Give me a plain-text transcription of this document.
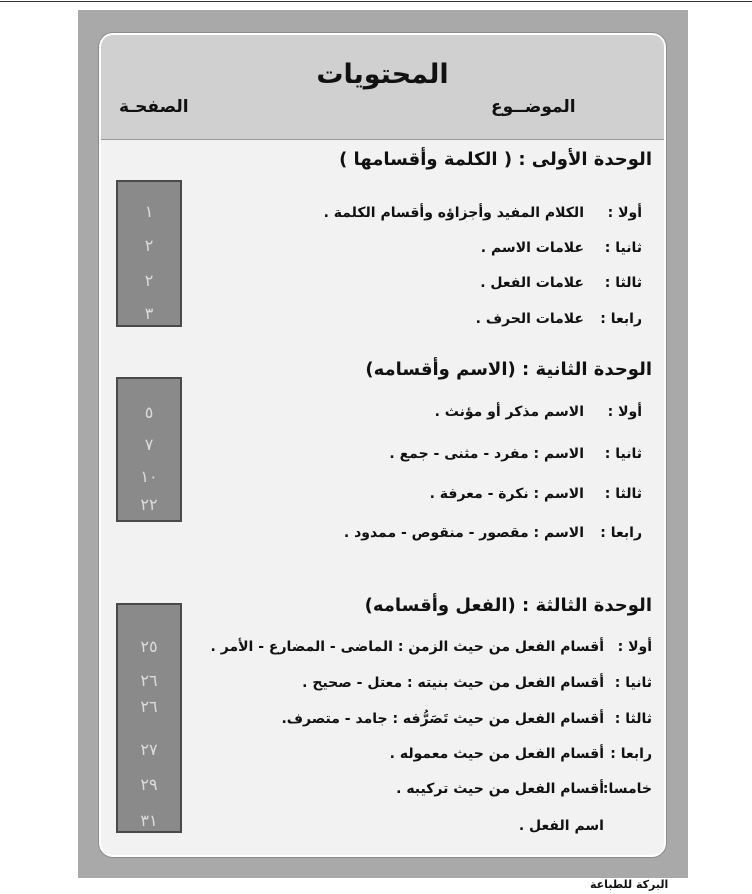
المحتويات
الموضــوع
الصفحـة
الوحدة الأولى : ( الكلمة وأقسامها )
أولا :
الكلام المفيد وأجزاؤه وأقسام الكلمة .
ثانيا :
علامات الاسم .
ثالثا :
علامات الفعل .
رابعا :
علامات الحرف .
١
٢
٢
٣
الوحدة الثانية : (الاسم وأقسامه)
أولا :
الاسم مذكر أو مؤنث .
ثانيا :
الاسم : مفرد - مثنى - جمع .
ثالثا :
الاسم : نكرة - معرفة .
رابعا :
الاسم : مقصور - منقوص - ممدود .
٥
٧
١٠
٢٢
الوحدة الثالثة : (الفعل وأقسامه)
أولا :
أقسام الفعل من حيث الزمن : الماضى - المضارع - الأمر .
ثانيا :
أقسام الفعل من حيث بنيته : معتل - صحيح .
ثالثا :
أقسام الفعل من حيث تَصَرُّفه : جامد - متصرف.
رابعا :
أقسام الفعل من حيث معموله .
خامسا:
أقسام الفعل من حيث تركيبه .
اسم الفعل .
٢٥
٢٦
٢٦
٢٧
٢٩
٣١
البركة للطباعة
